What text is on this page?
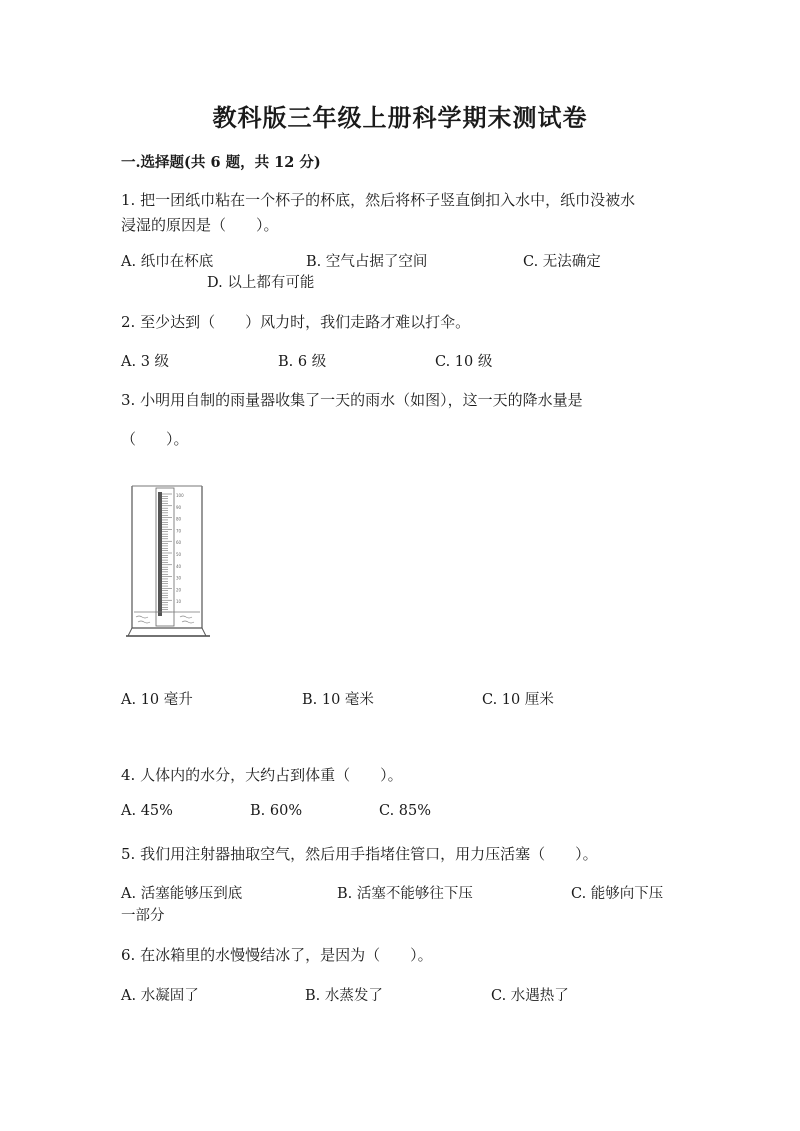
教科版三年级上册科学期末测试卷
一.选择题(共 6 题，共 12 分)
1. 把一团纸巾粘在一个杯子的杯底，然后将杯子竖直倒扣入水中，纸巾没被水
浸湿的原因是（　　）。
A. 纸巾在杯底	B. 空气占据了空间	C. 无法确定
D. 以上都有可能
2. 至少达到（　　）风力时，我们走路才难以打伞。
A. 3 级	B. 6 级	C. 10 级
3. 小明用自制的雨量器收集了一天的雨水（如图），这一天的降水量是
（　　）。
100
90
80
70
60
50
40
30
20
10
A. 10 毫升	B. 10 毫米	C. 10 厘米
4. 人体内的水分，大约占到体重（　　）。
A. 45%	B. 60%	C. 85%
5. 我们用注射器抽取空气，然后用手指堵住管口，用力压活塞（　　）。
A. 活塞能够压到底	B. 活塞不能够往下压	C. 能够向下压
一部分
6. 在冰箱里的水慢慢结冰了，是因为（　　）。
A. 水凝固了	B. 水蒸发了	C. 水遇热了
